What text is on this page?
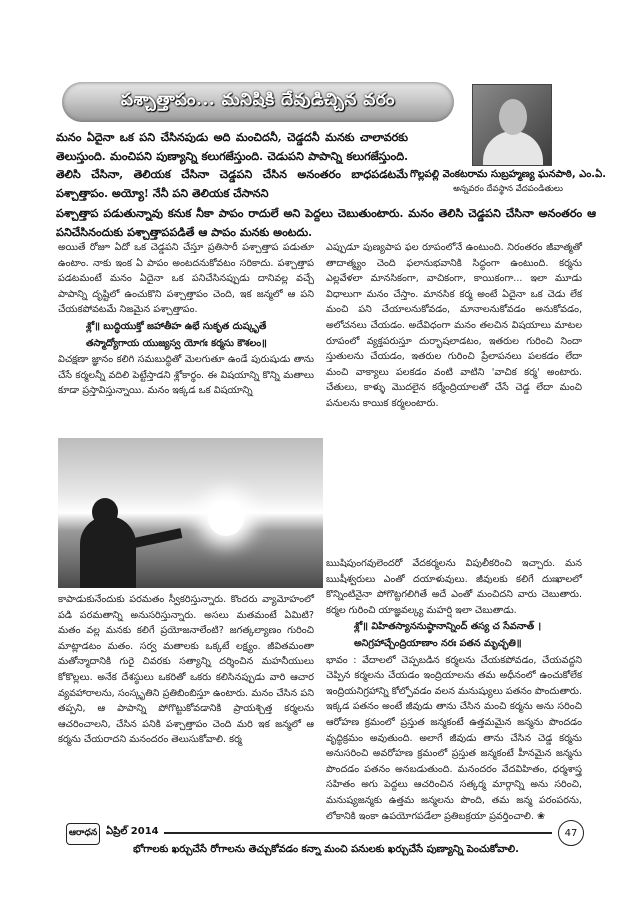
పశ్చాత్తాపం... మనిషికి దేవుడిచ్చిన వరం
మనం ఏదైనా ఒక పని చేసినపుడు అది మంచిదనీ, చెడ్డదనీ మనకు చాలావరకు తెలుస్తుంది. మంచిపని పుణ్యాన్ని కలుగజేస్తుంది. చెడుపని పాపాన్ని కలుగజేస్తుంది. తెలిసి చేసినా, తెలియక చేసినా చెడ్డపని చేసిన అనంతరం బాధపడటమే పశ్చాత్తాపం. అయ్యో! నేనీ పని తెలియక చేసానని
పశ్చాత్తాప పడుతున్నావు కనుక నీకా పాపం రాదులే అని పెద్దలు చెబుతుంటారు. మనం తెలిసి చెడ్డపని చేసినా అనంతరం ఆ పనిచేసినందుకు పశ్చాత్తాపపడితే ఆ పాపం మనకు అంటదు.
గొల్లపల్లి వెంకటరామ సుబ్రహ్మణ్య ఘనపాఠి, ఎం.ఏ.
అన్నవరం దేవస్థాన వేదపండితులు

అయితే రోజూ ఏదో ఒక చెడ్డపని చేస్తూ ప్రతిసారీ పశ్చాత్తాప పడుతూ ఉంటాం. నాకు ఇంక ఏ పాపం అంటదనుకోవటం సరికాదు. పశ్చాత్తాప పడటమంటే మనం ఏదైనా ఒక పనిచేసినప్పుడు దానివల్ల వచ్చే పాపాన్ని దృష్టిలో ఉంచుకొని పశ్చాత్తాపం చెంది, ఇక జన్మలో ఆ పని చేయకపోవటమే నిజమైన పశ్చాత్తాపం.

శ్లో॥ బుద్ధియుక్తో జహాతీహ ఉభే సుకృత దుష్కృతే

తస్మాద్యోగాయ యుజ్యస్వ యోగః కర్మసు కౌశలం॥

విచక్షణా జ్ఞానం కలిగి సమబుద్ధితో మెలగుతూ ఉండే పురుషుడు తాను చేసే కర్మలన్నీ వదిలి పెట్టేస్తాడని శ్లోకార్థం. ఈ విషయాన్ని కొన్ని మతాలు కూడా ప్రస్తావిస్తున్నాయి. మనం ఇక్కడ ఒక విషయాన్ని

కాపాడుకునేందుకు పరమతం స్వీకరిస్తున్నారు. కొందరు వ్యామోహంలో పడి పరమతాన్ని అనుసరిస్తున్నారు. అసలు మతమంటే ఏమిటి? మతం వల్ల మనకు కలిగే ప్రయోజనాలేంటి? జగత్కల్యాణం గురించి మాట్లాడటం మతం. సర్వ మతాలకు ఒక్కటే లక్ష్యం. జీవితమంతా మతోన్మాదానికి గురై చివరకు సత్యాన్ని దర్శించిన మహనీయులు కోకొల్లలు. అనేక దేశస్థులు ఒకరితో ఒకరు కలిసినప్పుడు వారి ఆచార వ్యవహారాలను, సంస్కృతిని ప్రతిబింబిస్తూ ఉంటారు. మనం చేసిన పని తప్పని, ఆ పాపాన్ని పోగొట్టుకోవడానికి ప్రాయశ్చిత్త కర్మలను ఆచరించాలని, చేసిన పనికి పశ్చాత్తాపం చెంది మరి ఇక జన్మలో ఆ కర్మను చేయరాదని మనందరం తెలుసుకోవాలి. కర్మ

ఎప్పుడూ పుణ్యపాప ఫల రూపంలోనే ఉంటుంది. నిరంతరం జీవాత్మతో తాదాత్మ్యం చెంది ఫలానుభవానికి సిద్ధంగా ఉంటుంది. కర్మను ఎల్లవేళలా మానసికంగా, వాచికంగా, కాయికంగా... ఇలా మూడు విధాలుగా మనం చేస్తాం. మానసిక కర్మ అంటే ఏదైనా ఒక చెడు లేక మంచి పని చేయాలనుకోవడం, మానాలనుకోవడం అనుకోవడం, అలోచనలు చేయడం. అదేవిధంగా మనం తలచిన విషయాలు మాటల రూపంలో వ్యక్తపరుస్తూ దుర్భాషలాడటం, ఇతరుల గురించి నిందా స్తుతులను చేయడం, ఇతరుల గురించి ప్రేలాపనలు పలకడం లేదా మంచి వాక్యాలు పలకడం వంటి వాటిని 'వాచిక కర్మ' అంటారు. చేతులు, కాళ్ళు మొదలైన కర్మేంద్రియాలతో చేసే చెడ్డ లేదా మంచి పనులను కాయిక కర్మలంటారు.

ఋషిపుంగవులెందరో వేదకర్మలను విపులీకరించి ఇచ్చారు. మన ఋషీశ్వరులు ఎంతో దయాళువులు. జీవులకు కలిగే దుఃఖాలలో కొన్నింటినైనా పోగొట్టగలిగితే అదే ఎంతో మంచిదని వారు చెబుతారు. కర్మల గురించి యాజ్ఞవల్క్య మహర్షి ఇలా చెబుతాడు.

శ్లో॥ విహితస్యాననుష్ఠానాన్నింద్ తస్య చ సేవనాత్ ।

అనిగ్రహాచ్చేంద్రియాణాం నరః పతన మృచ్ఛతి॥

భావం : వేదాలలో చెప్పబడిన కర్మలను చేయకపోవడం, చేయవద్దని చెప్పిన కర్మలను చేయడం ఇంద్రియాలను తమ అధీనంలో ఉంచుకోలేక ఇంద్రియనిగ్రహాన్ని కోల్పోవడం వలన మనుష్యులు పతనం పొందుతారు. ఇక్కడ పతనం అంటే జీవుడు తాను చేసిన మంచి కర్మను అను సరించి ఆరోహణ క్రమంలో ప్రస్తుత జన్మకంటే ఉత్తమమైన జన్మను పొందడం వృద్ధిక్రమం అవుతుంది. అలాగే జీవుడు తాను చేసిన చెడ్డ కర్మను అనుసరించి అవరోహణ క్రమంలో ప్రస్తుత జన్మకంటే హీనమైన జన్మను పొందడం పతనం అనబడుతుంది. మనందరం వేదవిహితం, ధర్మశాస్త్ర సహితం అగు పెద్దలు ఆచరించిన సత్కర్మ మార్గాన్ని అను సరించి, మనుష్యజన్మకు ఉత్తమ జన్మలను పొంది, తమ జన్మ పరంపరను, లోకానికి ఇంకా ఉపయోగపడేలా ప్రతిబక్రయా ప్రవర్తించాలి. ❀

ఆరాధన ఏప్రిల్ 2014	47
భోగాలకు ఖర్చుచేసే రోగాలను తెచ్చుకోవడం కన్నా మంచి పనులకు ఖర్చుచేసే పుణ్యాన్ని పెంచుకోవాలి.
